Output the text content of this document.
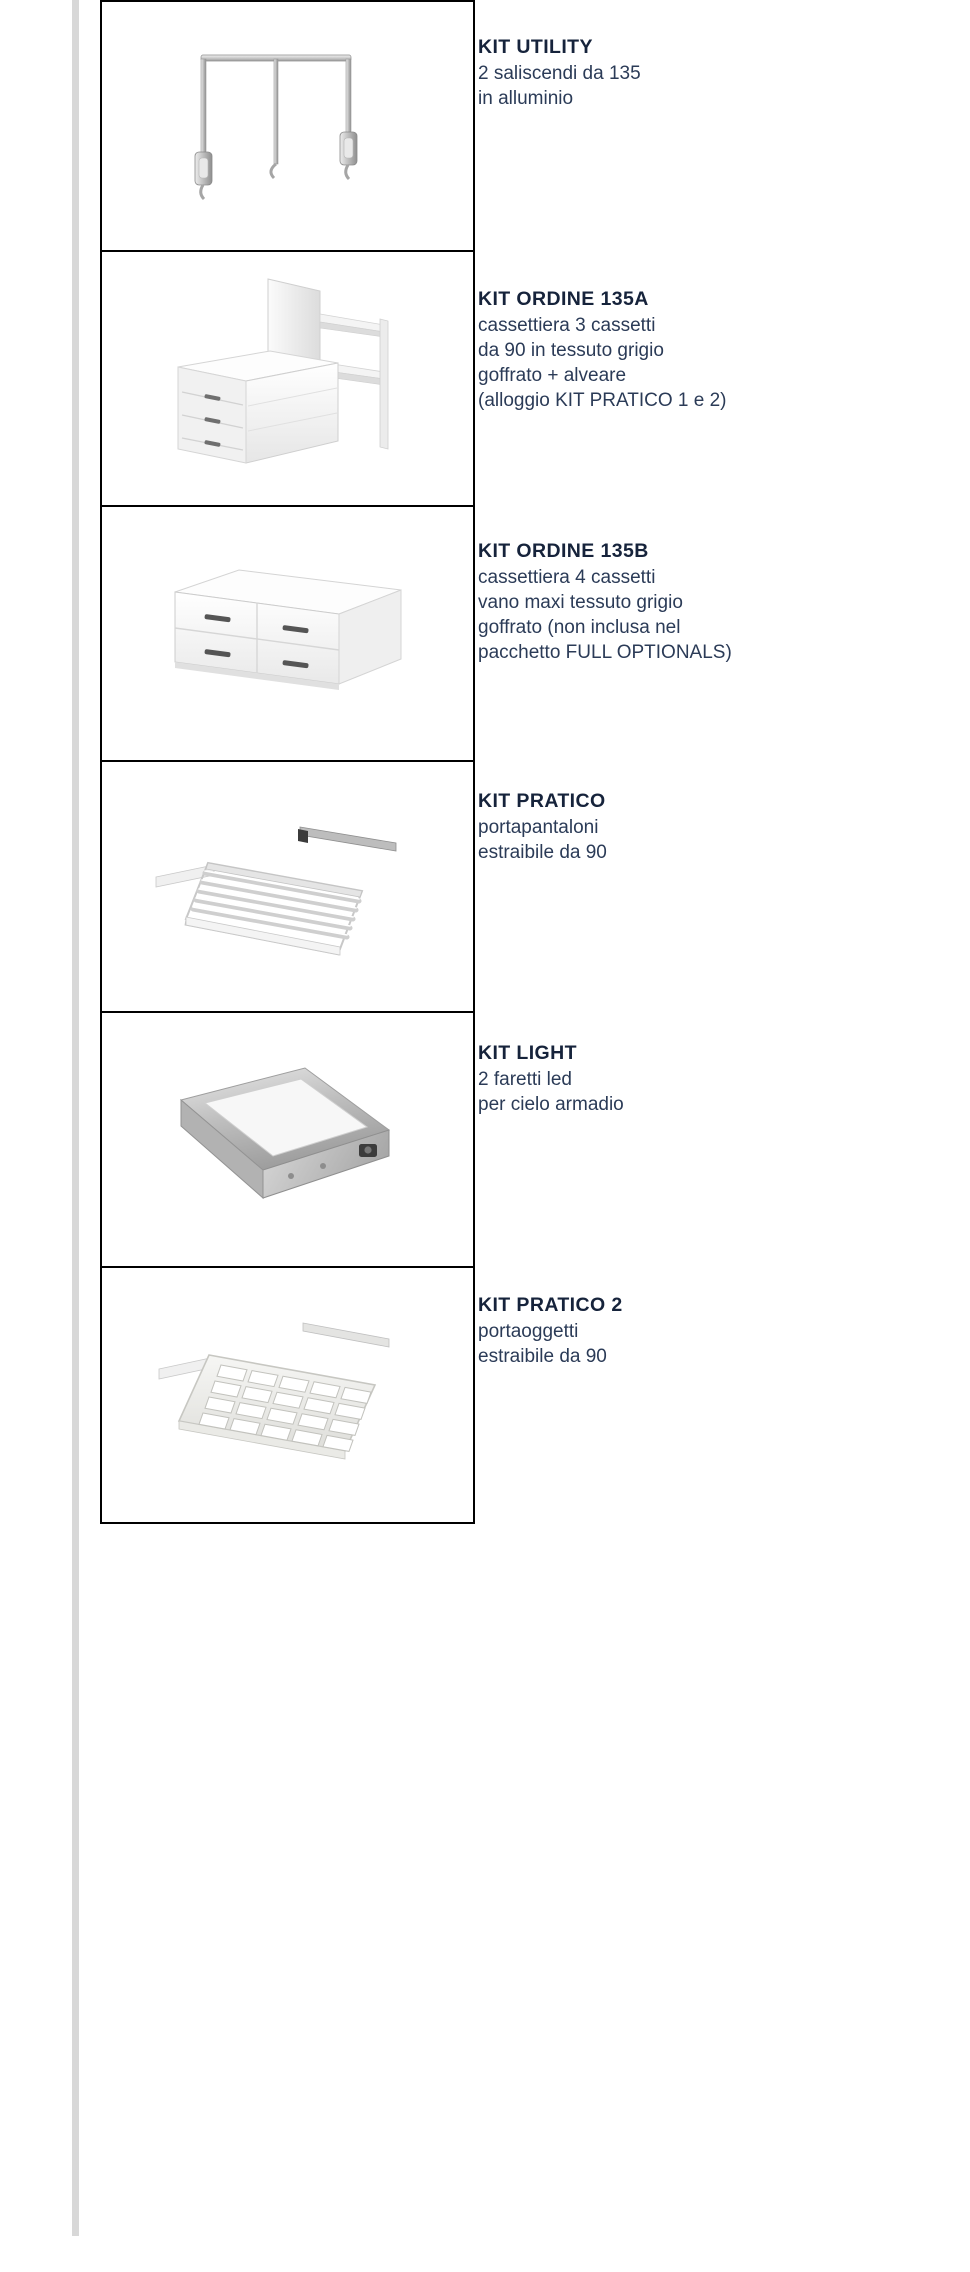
KIT UTILITY

2 saliscendi da 135

in alluminio

KIT ORDINE 135A

cassettiera 3 cassetti

da 90 in tessuto grigio

goffrato + alveare

(alloggio KIT PRATICO 1 e 2)

KIT ORDINE 135B

cassettiera 4 cassetti

vano maxi tessuto grigio

goffrato (non inclusa nel

pacchetto FULL OPTIONALS)

KIT PRATICO

portapantaloni

estraibile da 90

KIT LIGHT

2 faretti led

per cielo armadio

KIT PRATICO 2

portaoggetti

estraibile da 90
